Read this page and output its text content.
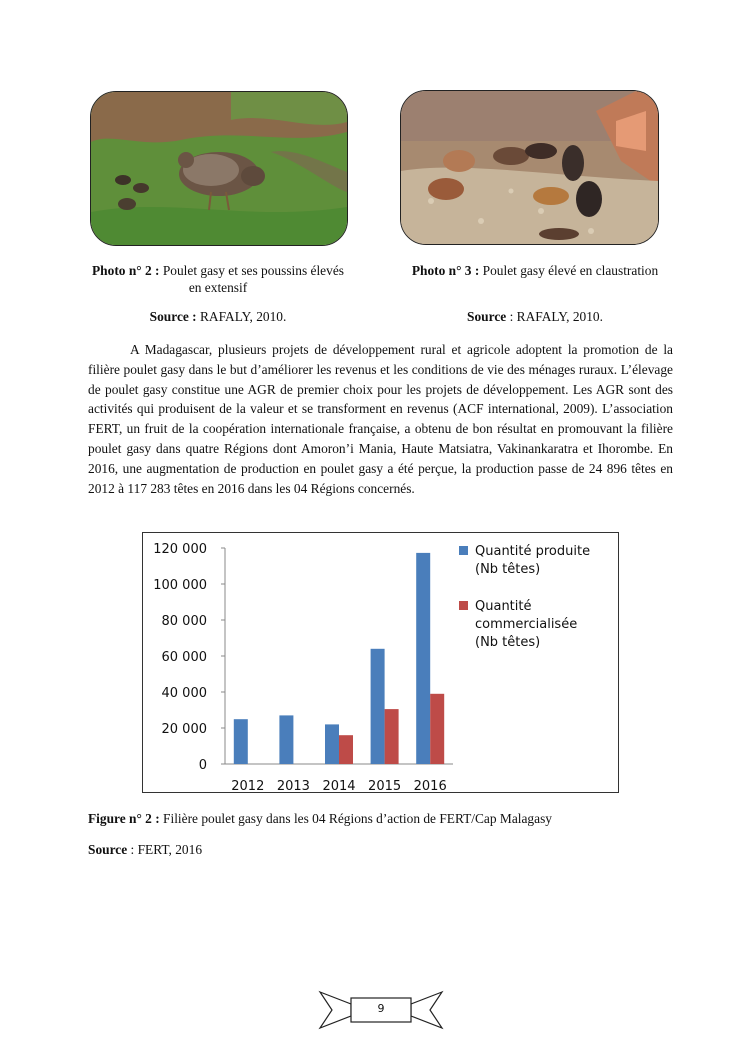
Photo n° 2 : Poulet gasy et ses poussins élevés en extensif
Source : RAFALY, 2010.
Photo n° 3 : Poulet gasy élevé en claustration
Source : RAFALY, 2010.

A Madagascar, plusieurs projets de développement rural et agricole adoptent la promotion de la filière poulet gasy dans le but d’améliorer les revenus et les conditions de vie des ménages ruraux. L’élevage de poulet gasy constitue une AGR de premier choix pour les projets de développement. Les AGR sont des activités qui produisent de la valeur et se transforment en revenus (ACF international, 2009). L’association FERT, un fruit de la coopération internationale française, a obtenu de bon résultat en promouvant la filière poulet gasy dans quatre Régions dont Amoron’i Mania, Haute Matsiatra, Vakinankaratra et Ihorombe. En 2016, une augmentation de production en poulet gasy a été perçue, la production passe de 24 896 têtes en 2012 à 117 283 têtes en 2016 dans les 04 Régions concernés.

0
20 000
40 000
60 000
80 000
100 000
120 000
2012 2013 2014 2015 2016
Quantité produite
(Nb têtes)
Quantité
commercialisée
(Nb têtes)
Figure n° 2 : Filière poulet gasy dans les 04 Régions d’action de FERT/Cap Malagasy
Source : FERT, 2016
9
